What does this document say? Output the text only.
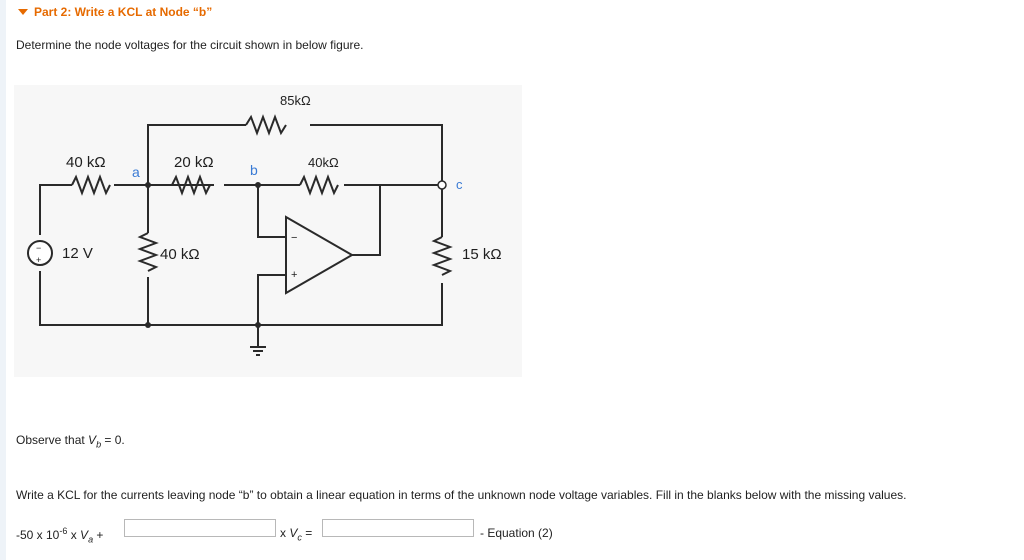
Part 2: Write a KCL at Node “b”
Determine the node voltages for the circuit shown in below figure.
85kΩ
40 kΩ
a
20 kΩ	b	40kΩ
c
12 V	40 kΩ	15 kΩ
+
−
−
+
Observe that $V_b = 0$.
Write a KCL for the currents leaving node “b” to obtain a linear equation in terms of the unknown node voltage variables. Fill in the blanks below with the missing values.
-50 x $10^{-6}$ x $V_a$ +	x $V_c$ =	- Equation (2)
